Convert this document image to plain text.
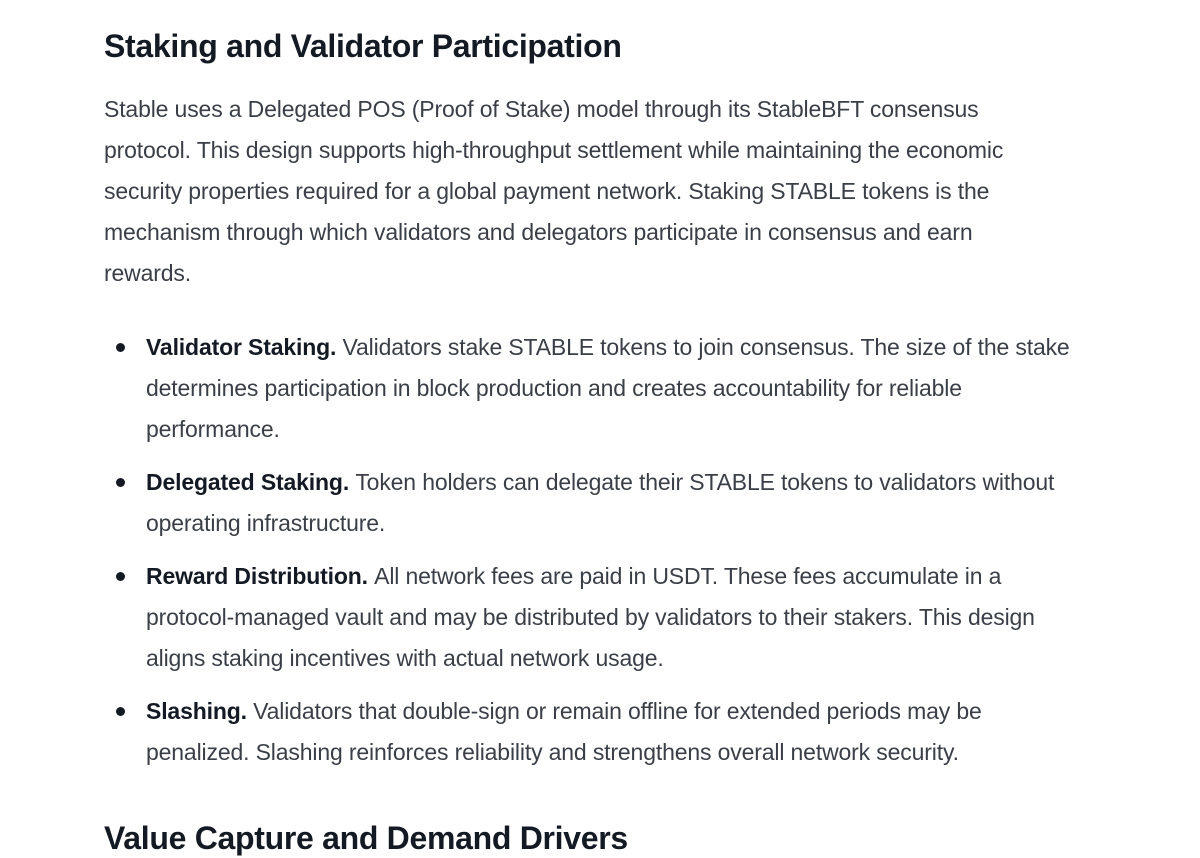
Staking and Validator Participation

Stable uses a Delegated POS (Proof of Stake) model through its StableBFT consensus protocol. This design supports high-throughput settlement while maintaining the economic security properties required for a global payment network. Staking STABLE tokens is the mechanism through which validators and delegators participate in consensus and earn rewards.

Validator Staking. Validators stake STABLE tokens to join consensus. The size of the stake determines participation in block production and creates accountability for reliable performance.
Delegated Staking. Token holders can delegate their STABLE tokens to validators without operating infrastructure.
Reward Distribution. All network fees are paid in USDT. These fees accumulate in a protocol-managed vault and may be distributed by validators to their stakers. This design aligns staking incentives with actual network usage.
Slashing. Validators that double-sign or remain offline for extended periods may be penalized. Slashing reinforces reliability and strengthens overall network security.
Value Capture and Demand Drivers
